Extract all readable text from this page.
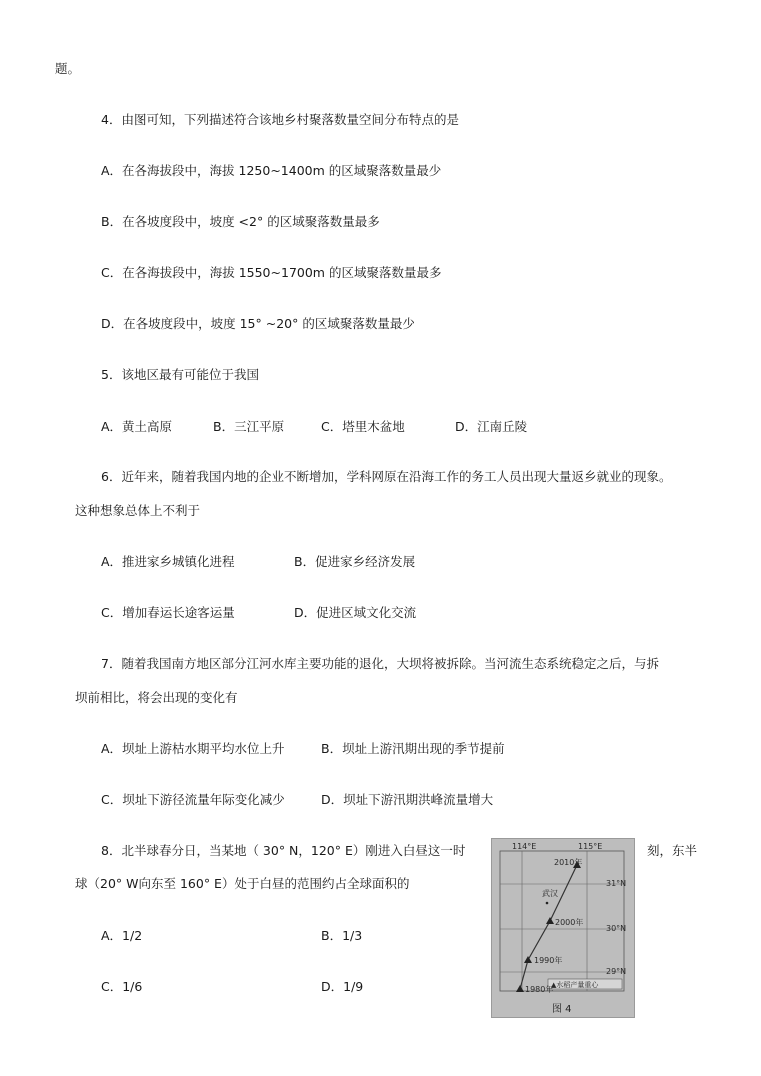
题。
4．由图可知，下列描述符合该地乡村聚落数量空间分布特点的是
A．在各海拔段中，海拔 1250~1400m 的区域聚落数量最少
B．在各坡度段中，坡度 <2° 的区域聚落数量最多
C．在各海拔段中，海拔 1550~1700m 的区域聚落数量最多
D．在各坡度段中，坡度 15° ~20° 的区域聚落数量最少
5．该地区最有可能位于我国
A．黄土高原	B．三江平原	C．塔里木盆地	D．江南丘陵
6．近年来，随着我国内地的企业不断增加，学科网原在沿海工作的务工人员出现大量返乡就业的现象。
这种想象总体上不利于
A．推进家乡城镇化进程	B．促进家乡经济发展
C．增加春运长途客运量	D．促进区域文化交流
7．随着我国南方地区部分江河水库主要功能的退化，大坝将被拆除。当河流生态系统稳定之后，与拆
坝前相比，将会出现的变化有
A．坝址上游枯水期平均水位上升	B．坝址上游汛期出现的季节提前
C．坝址下游径流量年际变化减少	D．坝址下游汛期洪峰流量增大
8．北半球春分日，当某地（ 30° N，120° E）刚进入白昼这一时	刻，东半
球（20° W向东至 160° E）处于白昼的范围约占全球面积的
A．1/2	B．1/3
C．1/6	D．1/9
114°E	115°E
31°N
30°N
29°N
武汉
2010年
2000年
1990年
1980年
▲水稻产量重心
图 4
